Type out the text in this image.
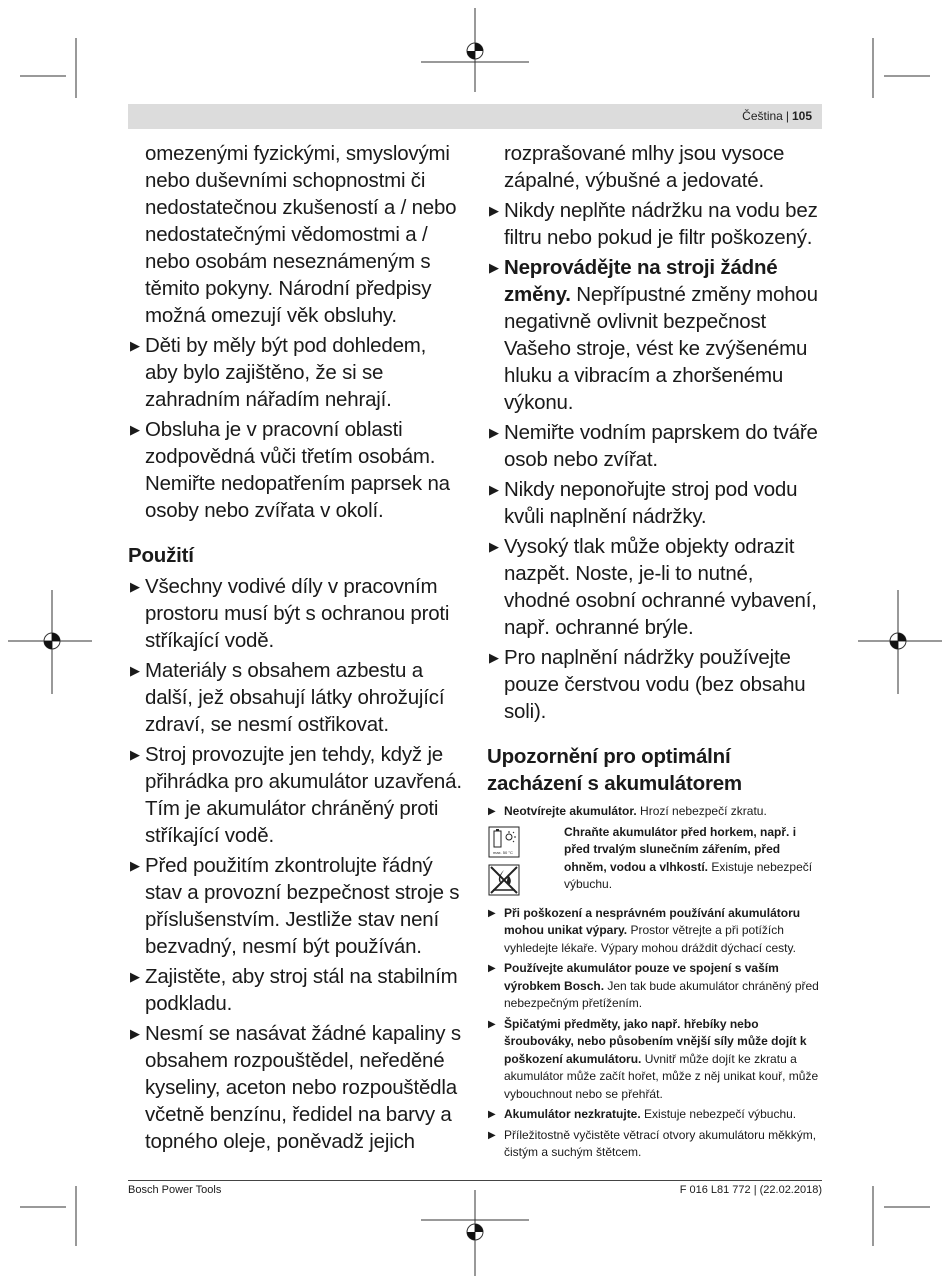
Čeština | 105

omezenými fyzickými, smyslovými nebo duševními schopnostmi či nedostatečnou zkušeností a / nebo nedostatečnými vědomostmi a / nebo osobám neseznámeným s těmito pokyny. Národní předpisy možná omezují věk obsluhy.

▶ Děti by měly být pod dohledem, aby bylo zajištěno, že si se zahradním nářadím nehrají.
▶ Obsluha je v pracovní oblasti zodpovědná vůči třetím osobám. Nemiřte nedopatřením paprsek na osoby nebo zvířata v okolí.
Použití
▶ Všechny vodivé díly v pracovním prostoru musí být s ochranou proti stříkající vodě.
▶ Materiály s obsahem azbestu a další, jež obsahují látky ohrožující zdraví, se nesmí ostřikovat.
▶ Stroj provozujte jen tehdy, když je přihrádka pro akumulátor uzavřená. Tím je akumulátor chráněný proti stříkající vodě.
▶ Před použitím zkontrolujte řádný stav a provozní bezpečnost stroje s příslušenstvím. Jestliže stav není bezvadný, nesmí být používán.
▶ Zajistěte, aby stroj stál na stabilním podkladu.
▶ Nesmí se nasávat žádné kapaliny s obsahem rozpouštědel, neředěné kyseliny, aceton nebo rozpouštědla včetně benzínu, ředidel na barvy a topného oleje, poněvadž jejich

rozprašované mlhy jsou vysoce zápalné, výbušné a jedovaté.

▶ Nikdy neplňte nádržku na vodu bez filtru nebo pokud je filtr poškozený.
▶ Neprovádějte na stroji žádné změny. Nepřípustné změny mohou negativně ovlivnit bezpečnost Vašeho stroje, vést ke zvýšenému hluku a vibracím a zhoršenému výkonu.
▶ Nemiřte vodním paprskem do tváře osob nebo zvířat.
▶ Nikdy neponořujte stroj pod vodu kvůli naplnění nádržky.
▶ Vysoký tlak může objekty odrazit nazpět. Noste, je-li to nutné, vhodné osobní ochranné vybavení, např. ochranné brýle.
▶ Pro naplnění nádržky používejte pouze čerstvou vodu (bez obsahu soli).
Upozornění pro optimální zacházení s akumulátorem
▶ Neotvírejte akumulátor. Hrozí nebezpečí zkratu.
max. 50 °C
Chraňte akumulátor před horkem, např. i před trvalým slunečním zářením, před ohněm, vodou a vlhkostí. Existuje nebezpečí výbuchu.
▶ Při poškození a nesprávném používání akumulátoru mohou unikat výpary. Prostor větrejte a při potížích vyhledejte lékaře. Výpary mohou dráždit dýchací cesty.
▶ Používejte akumulátor pouze ve spojení s vaším výrobkem Bosch. Jen tak bude akumulátor chráněný před nebezpečným přetížením.
▶ Špičatými předměty, jako např. hřebíky nebo šroubováky, nebo působením vnější síly může dojít k poškození akumulátoru. Uvnitř může dojít ke zkratu a akumulátor může začít hořet, může z něj unikat kouř, může vybouchnout nebo se přehřát.
▶ Akumulátor nezkratujte. Existuje nebezpečí výbuchu.
▶ Příležitostně vyčistěte větrací otvory akumulátoru měkkým, čistým a suchým štětcem.
Bosch Power Tools	F 016 L81 772 | (22.02.2018)
